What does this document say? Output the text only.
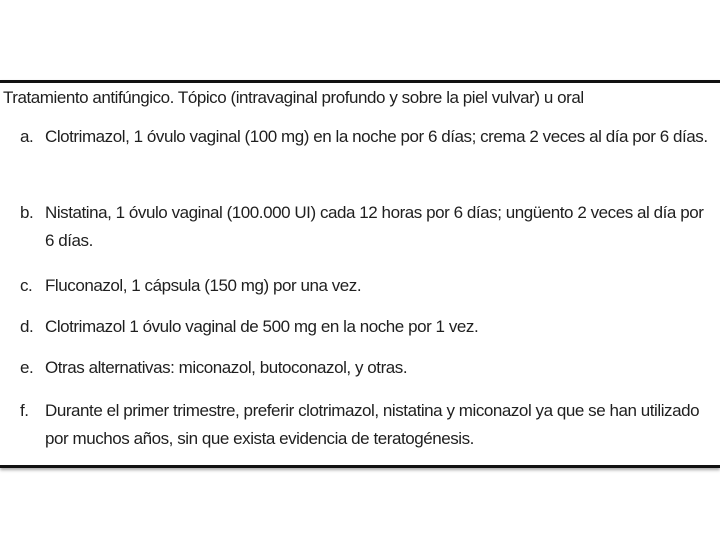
Tratamiento antifúngico. Tópico (intravaginal profundo y sobre la piel vulvar) u oral
a. Clotrimazol, 1 óvulo vaginal (100 mg) en la noche por 6 días; crema 2 veces al día por 6 días.
b. Nistatina, 1 óvulo vaginal (100.000 UI) cada 12 horas por 6 días; ungüento 2 veces al día por 6 días.
c. Fluconazol, 1 cápsula (150 mg) por una vez.
d. Clotrimazol 1 óvulo vaginal de 500 mg en la noche por 1 vez.
e. Otras alternativas: miconazol, butoconazol, y otras.
f. Durante el primer trimestre, preferir clotrimazol, nistatina y miconazol ya que se han utilizado por muchos años, sin que exista evidencia de teratogénesis.
